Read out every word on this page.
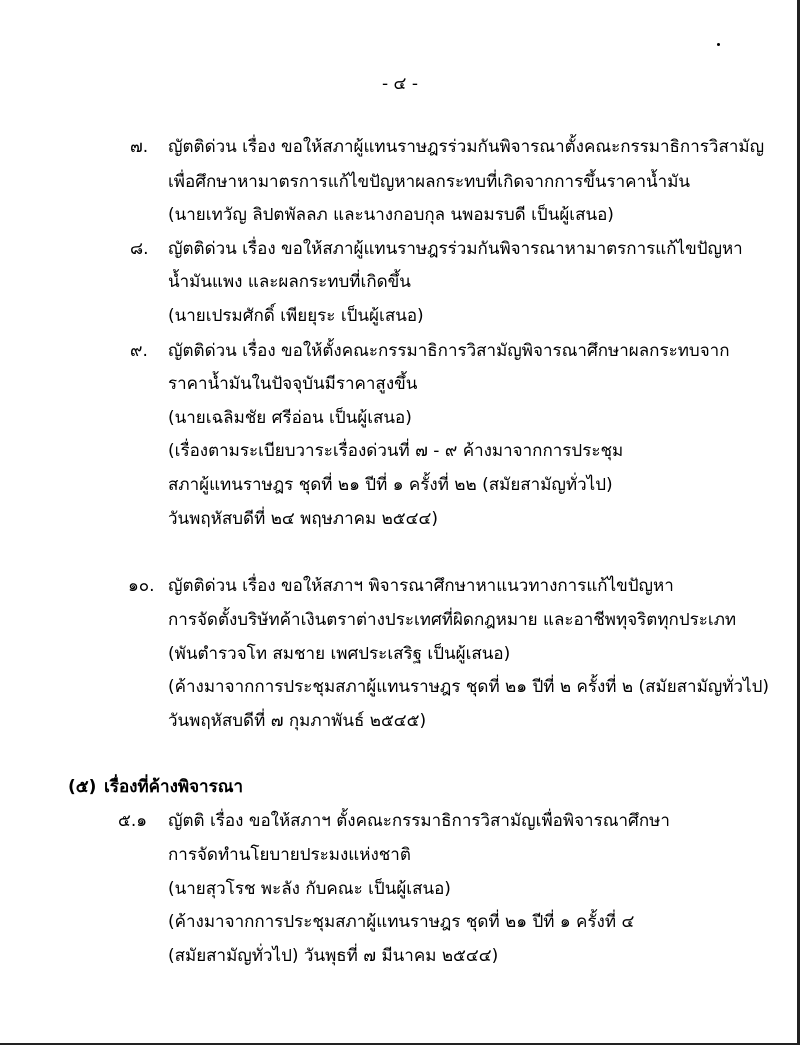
- ๔ -
๗. ญัตติด่วน เรื่อง ขอให้สภาผู้แทนราษฎรร่วมกันพิจารณาตั้งคณะกรรมาธิการวิสามัญ
เพื่อศึกษาหามาตรการแก้ไขปัญหาผลกระทบที่เกิดจากการขึ้นราคาน้ำมัน
(นายเทวัญ ลิปตพัลลภ และนางกอบกุล นพอมรบดี เป็นผู้เสนอ)
๘. ญัตติด่วน เรื่อง ขอให้สภาผู้แทนราษฎรร่วมกันพิจารณาหามาตรการแก้ไขปัญหา
น้ำมันแพง และผลกระทบที่เกิดขึ้น
(นายเปรมศักดิ์ เพียยุระ เป็นผู้เสนอ)
๙. ญัตติด่วน เรื่อง ขอให้ตั้งคณะกรรมาธิการวิสามัญพิจารณาศึกษาผลกระทบจาก
ราคาน้ำมันในปัจจุบันมีราคาสูงขึ้น
(นายเฉลิมชัย ศรีอ่อน เป็นผู้เสนอ)
(เรื่องตามระเบียบวาระเรื่องด่วนที่ ๗ - ๙ ค้างมาจากการประชุม
สภาผู้แทนราษฎร ชุดที่ ๒๑ ปีที่ ๑ ครั้งที่ ๒๒ (สมัยสามัญทั่วไป)
วันพฤหัสบดีที่ ๒๔ พฤษภาคม ๒๕๔๔)
๑๐. ญัตติด่วน เรื่อง ขอให้สภาฯ พิจารณาศึกษาหาแนวทางการแก้ไขปัญหา
การจัดตั้งบริษัทค้าเงินตราต่างประเทศที่ผิดกฎหมาย และอาชีพทุจริตทุกประเภท
(พันตำรวจโท สมชาย เพศประเสริฐ เป็นผู้เสนอ)
(ค้างมาจากการประชุมสภาผู้แทนราษฎร ชุดที่ ๒๑ ปีที่ ๒ ครั้งที่ ๒ (สมัยสามัญทั่วไป)
วันพฤหัสบดีที่ ๗ กุมภาพันธ์ ๒๕๔๕)
(๕) เรื่องที่ค้างพิจารณา
๕.๑ ญัตติ เรื่อง ขอให้สภาฯ ตั้งคณะกรรมาธิการวิสามัญเพื่อพิจารณาศึกษา
การจัดทำนโยบายประมงแห่งชาติ
(นายสุวโรช พะลัง กับคณะ เป็นผู้เสนอ)
(ค้างมาจากการประชุมสภาผู้แทนราษฎร ชุดที่ ๒๑ ปีที่ ๑ ครั้งที่ ๔
(สมัยสามัญทั่วไป) วันพุธที่ ๗ มีนาคม ๒๕๔๔)
